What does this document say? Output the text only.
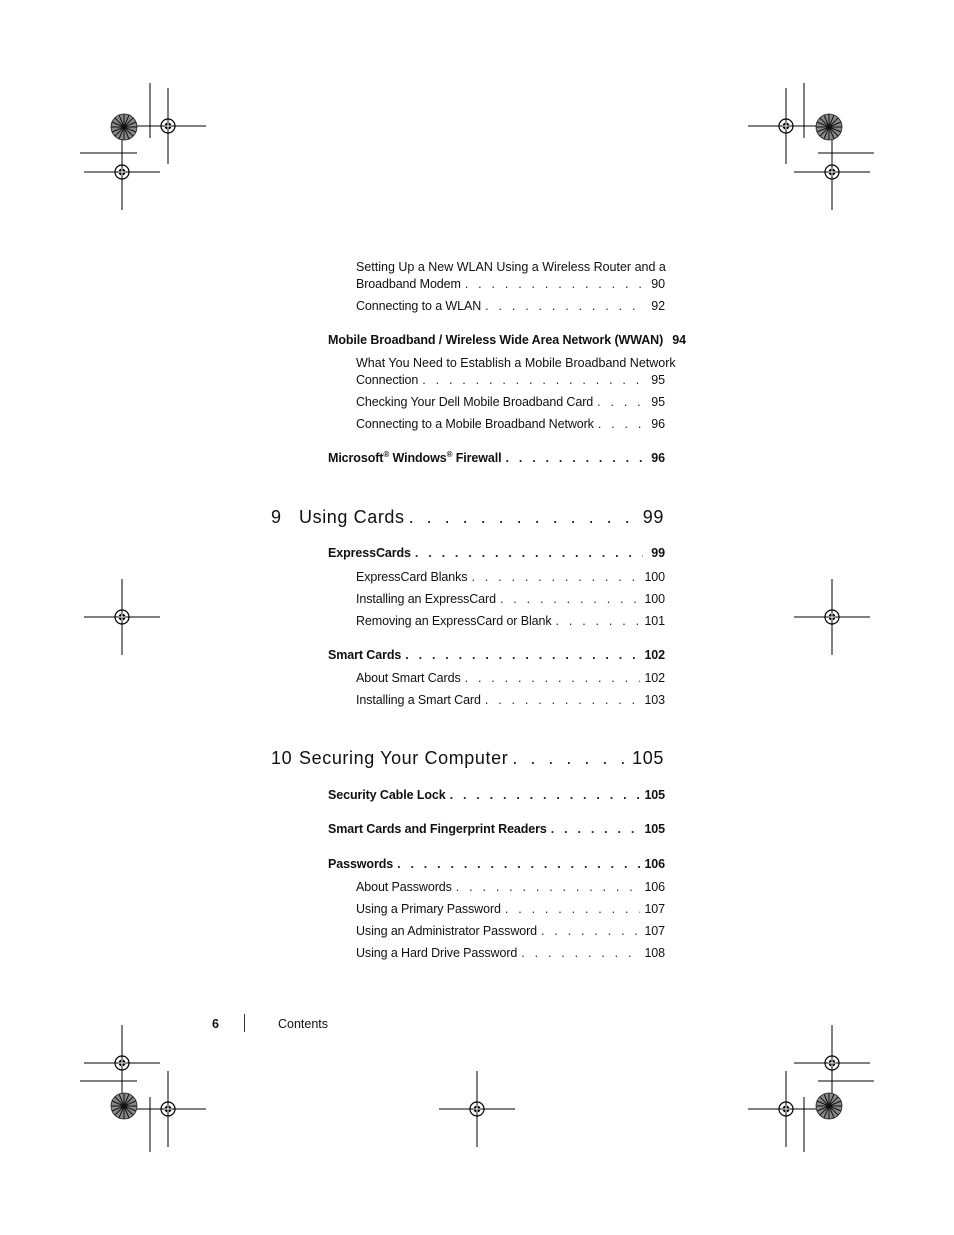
Setting Up a New WLAN Using a Wireless Router and a
Broadband Modem . . .	90
Connecting to a WLAN . . .	92
Mobile Broadband / Wireless Wide Area Network (WWAN) 94
What You Need to Establish a Mobile Broadband Network
Connection . . .	95
Checking Your Dell Mobile Broadband Card . . .	95
Connecting to a Mobile Broadband Network . . .	96
Microsoft® Windows® Firewall . . .	96
9 Using Cards . . .	99
ExpressCards . . .	99
ExpressCard Blanks . . .	100
Installing an ExpressCard . . .	100
Removing an ExpressCard or Blank . . .	101
Smart Cards . . .	102
About Smart Cards . . .	102
Installing a Smart Card . . .	103
10 Securing Your Computer . . .	105
Security Cable Lock . . .	105
Smart Cards and Fingerprint Readers . . .	105
Passwords . . .	106
About Passwords . . .	106
Using a Primary Password . . .	107
Using an Administrator Password . . .	107
Using a Hard Drive Password . . .	108
6	Contents
